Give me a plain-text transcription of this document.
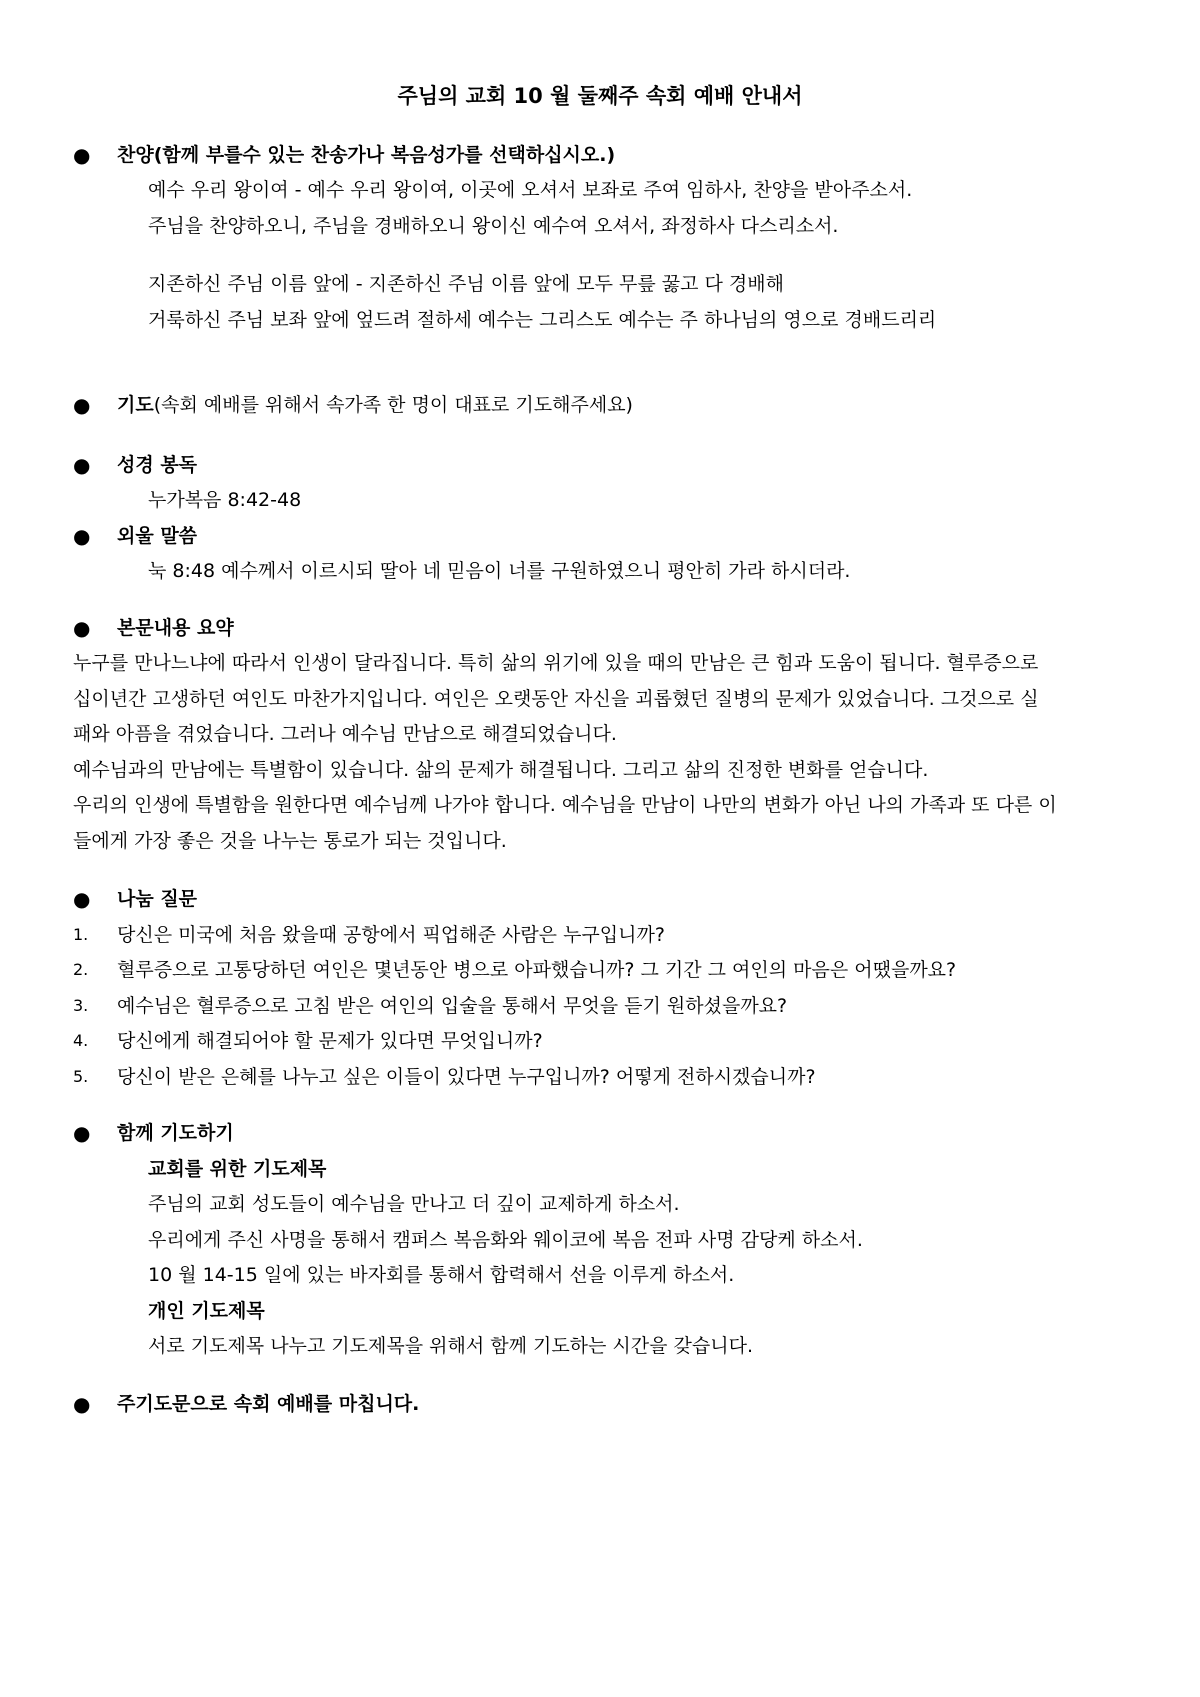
주님의 교회 10 월 둘째주 속회 예배 안내서
● 찬양(함께 부를수 있는 찬송가나 복음성가를 선택하십시오.)
예수 우리 왕이여 - 예수 우리 왕이여, 이곳에 오셔서 보좌로 주여 임하사, 찬양을 받아주소서.
주님을 찬양하오니, 주님을 경배하오니 왕이신 예수여 오셔서, 좌정하사 다스리소서.
지존하신 주님 이름 앞에 - 지존하신 주님 이름 앞에 모두 무릎 꿇고 다 경배해
거룩하신 주님 보좌 앞에 엎드려 절하세 예수는 그리스도 예수는 주 하나님의 영으로 경배드리리
● 기도(속회 예배를 위해서 속가족 한 명이 대표로 기도해주세요)
● 성경 봉독
누가복음 8:42-48
● 외울 말씀
눅 8:48 예수께서 이르시되 딸아 네 믿음이 너를 구원하였으니 평안히 가라 하시더라.
● 본문내용 요약
누구를 만나느냐에 따라서 인생이 달라집니다. 특히 삶의 위기에 있을 때의 만남은 큰 힘과 도움이 됩니다. 혈루증으로
십이년간 고생하던 여인도 마찬가지입니다. 여인은 오랫동안 자신을 괴롭혔던 질병의 문제가 있었습니다. 그것으로 실
패와 아픔을 겪었습니다. 그러나 예수님 만남으로 해결되었습니다.
예수님과의 만남에는 특별함이 있습니다. 삶의 문제가 해결됩니다. 그리고 삶의 진정한 변화를 얻습니다.
우리의 인생에 특별함을 원한다면 예수님께 나가야 합니다. 예수님을 만남이 나만의 변화가 아닌 나의 가족과 또 다른 이
들에게 가장 좋은 것을 나누는 통로가 되는 것입니다.
● 나눔 질문
1. 당신은 미국에 처음 왔을때 공항에서 픽업해준 사람은 누구입니까?
2. 혈루증으로 고통당하던 여인은 몇년동안 병으로 아파했습니까? 그 기간 그 여인의 마음은 어땠을까요?
3. 예수님은 혈루증으로 고침 받은 여인의 입술을 통해서 무엇을 듣기 원하셨을까요?
4. 당신에게 해결되어야 할 문제가 있다면 무엇입니까?
5. 당신이 받은 은혜를 나누고 싶은 이들이 있다면 누구입니까? 어떻게 전하시겠습니까?
● 함께 기도하기
교회를 위한 기도제목
주님의 교회 성도들이 예수님을 만나고 더 깊이 교제하게 하소서.
우리에게 주신 사명을 통해서 캠퍼스 복음화와 웨이코에 복음 전파 사명 감당케 하소서.
10 월 14-15 일에 있는 바자회를 통해서 합력해서 선을 이루게 하소서.
개인 기도제목
서로 기도제목 나누고 기도제목을 위해서 함께 기도하는 시간을 갖습니다.
● 주기도문으로 속회 예배를 마칩니다.
